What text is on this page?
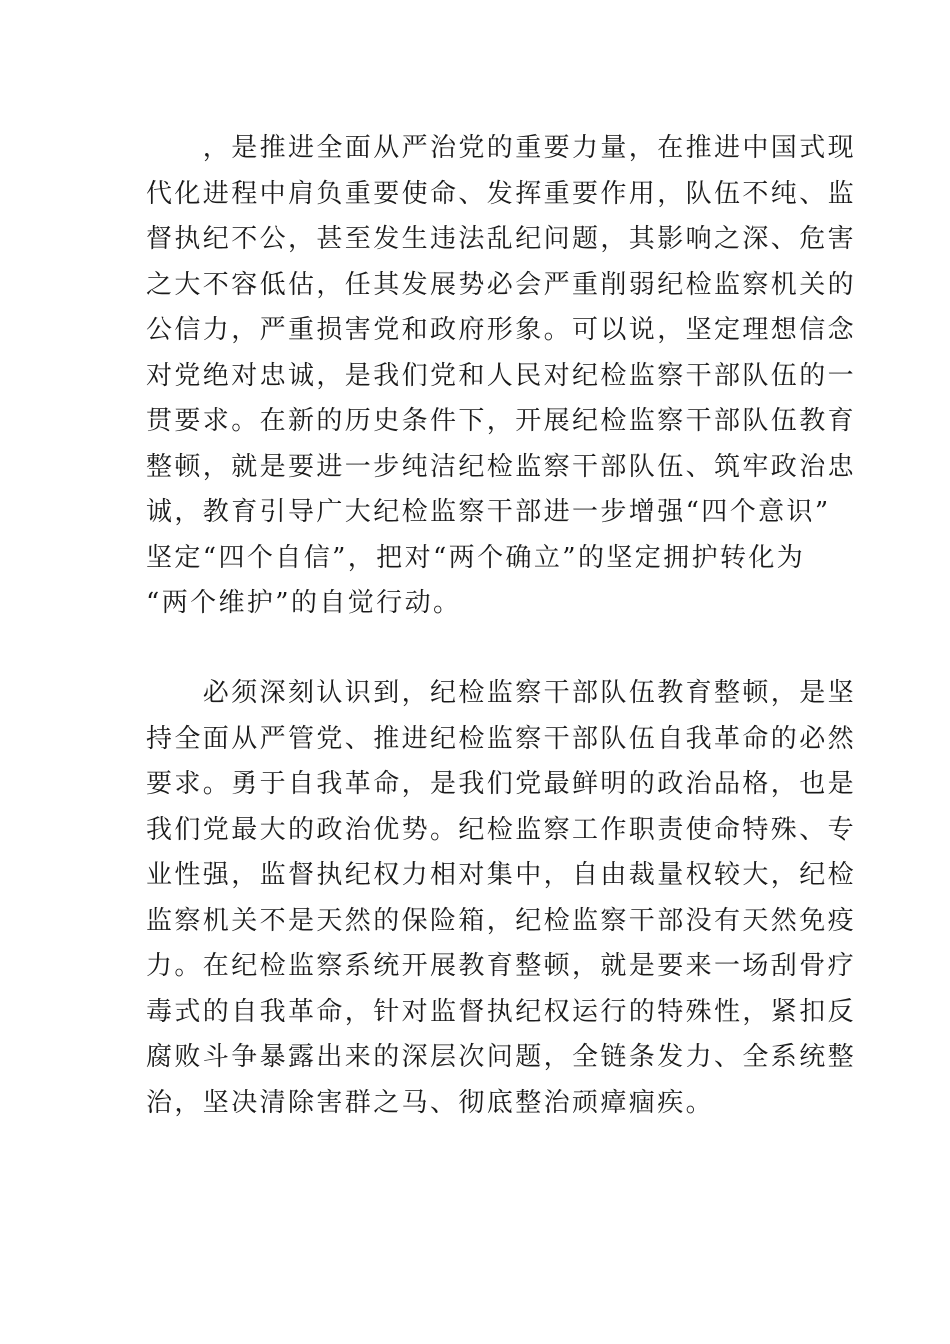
　　，是推进全面从严治党的重要力量，在推进中国式现
代化进程中肩负重要使命、发挥重要作用，队伍不纯、监
督执纪不公，甚至发生违法乱纪问题，其影响之深、危害
之大不容低估，任其发展势必会严重削弱纪检监察机关的
公信力，严重损害党和政府形象。可以说，坚定理想信念
对党绝对忠诚，是我们党和人民对纪检监察干部队伍的一
贯要求。在新的历史条件下，开展纪检监察干部队伍教育
整顿，就是要进一步纯洁纪检监察干部队伍、筑牢政治忠
诚，教育引导广大纪检监察干部进一步增强“四个意识”
坚定“四个自信”，把对“两个确立”的坚定拥护转化为
“两个维护”的自觉行动。
　　必须深刻认识到，纪检监察干部队伍教育整顿，是坚
持全面从严管党、推进纪检监察干部队伍自我革命的必然
要求。勇于自我革命，是我们党最鲜明的政治品格，也是
我们党最大的政治优势。纪检监察工作职责使命特殊、专
业性强，监督执纪权力相对集中，自由裁量权较大，纪检
监察机关不是天然的保险箱，纪检监察干部没有天然免疫
力。在纪检监察系统开展教育整顿，就是要来一场刮骨疗
毒式的自我革命，针对监督执纪权运行的特殊性，紧扣反
腐败斗争暴露出来的深层次问题，全链条发力、全系统整
治，坚决清除害群之马、彻底整治顽瘴痼疾。
